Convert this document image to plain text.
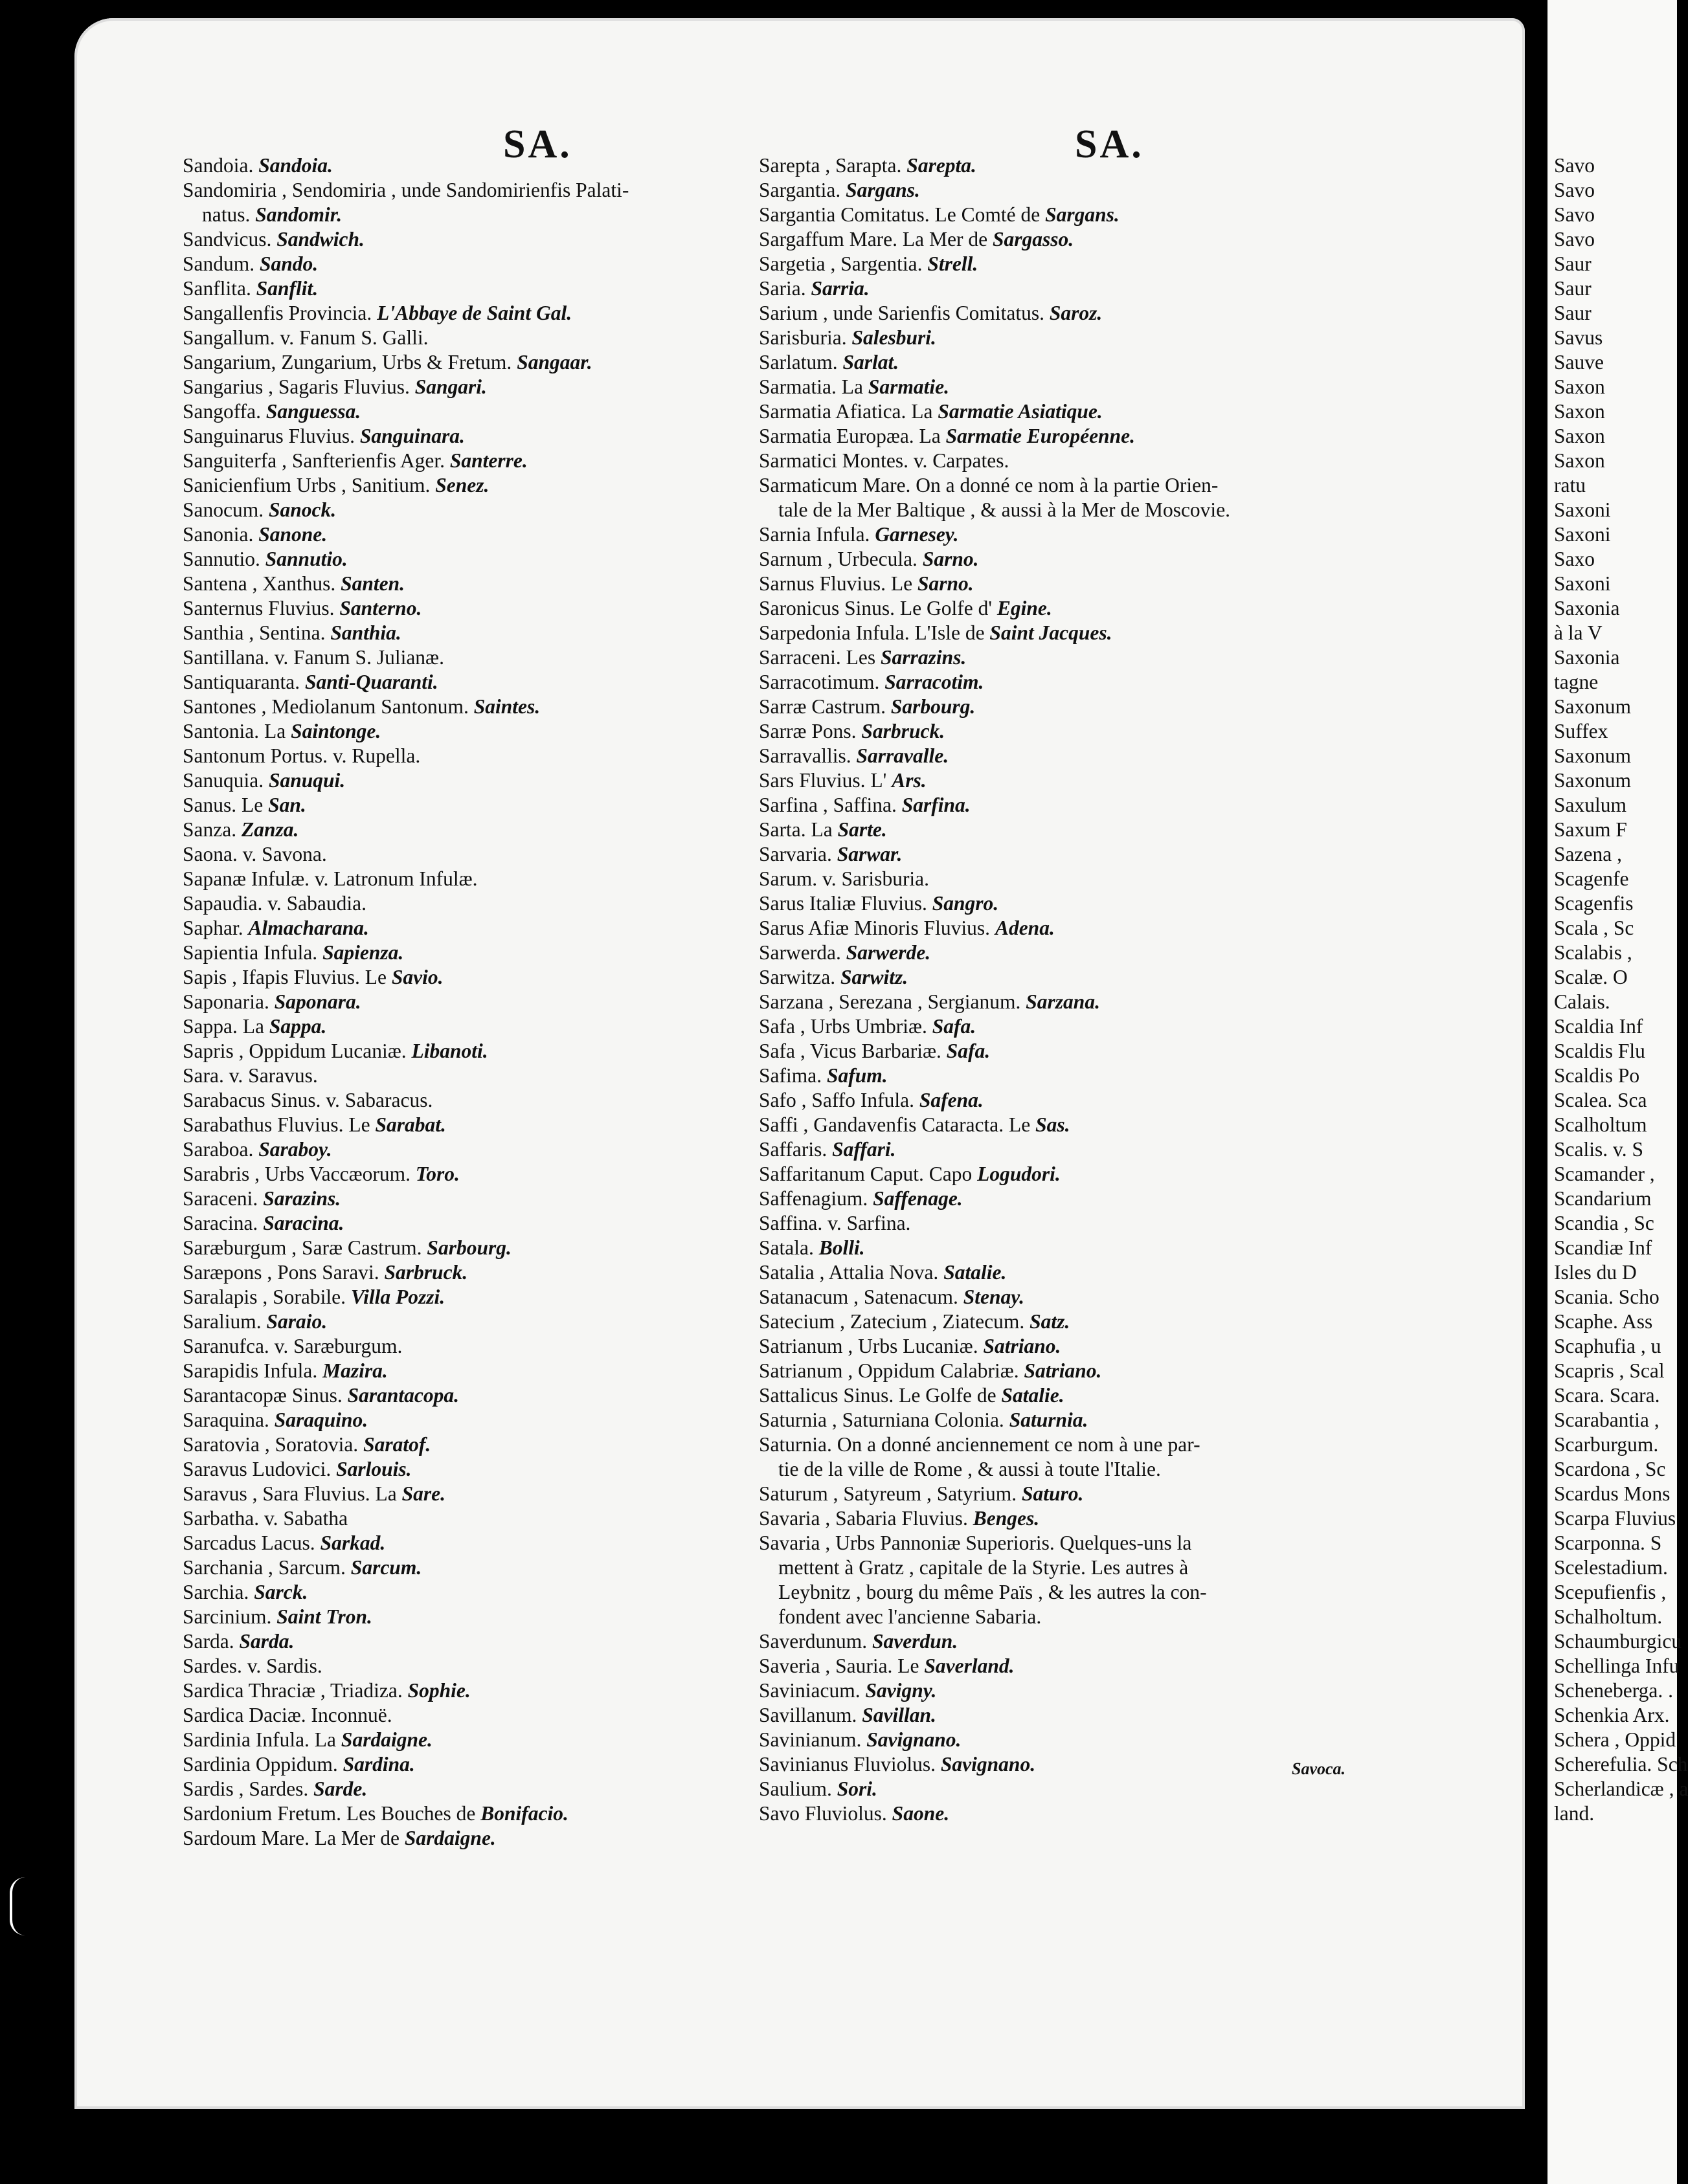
SA.	SA.
Savoca.
Sandoia. Sandoia.
Sandomiria , Sendomiria , unde Sandomirienfis Palati-
natus. Sandomir.
Sandvicus. Sandwich.
Sandum. Sando.
Sanflita. Sanflit.
Sangallenfis Provincia. L'Abbaye de Saint Gal.
Sangallum. v. Fanum S. Galli.
Sangarium, Zungarium, Urbs & Fretum. Sangaar.
Sangarius , Sagaris Fluvius. Sangari.
Sangoffa. Sanguessa.
Sanguinarus Fluvius. Sanguinara.
Sanguiterfa , Sanfterienfis Ager. Santerre.
Sanicienfium Urbs , Sanitium. Senez.
Sanocum. Sanock.
Sanonia. Sanone.
Sannutio. Sannutio.
Santena , Xanthus. Santen.
Santernus Fluvius. Santerno.
Santhia , Sentina. Santhia.
Santillana. v. Fanum S. Julianæ.
Santiquaranta. Santi-Quaranti.
Santones , Mediolanum Santonum. Saintes.
Santonia. La Saintonge.
Santonum Portus. v. Rupella.
Sanuquia. Sanuqui.
Sanus. Le San.
Sanza. Zanza.
Saona. v. Savona.
Sapanæ Infulæ. v. Latronum Infulæ.
Sapaudia. v. Sabaudia.
Saphar. Almacharana.
Sapientia Infula. Sapienza.
Sapis , Ifapis Fluvius. Le Savio.
Saponaria. Saponara.
Sappa. La Sappa.
Sapris , Oppidum Lucaniæ. Libanoti.
Sara. v. Saravus.
Sarabacus Sinus. v. Sabaracus.
Sarabathus Fluvius. Le Sarabat.
Saraboa. Saraboy.
Sarabris , Urbs Vaccæorum. Toro.
Saraceni. Sarazins.
Saracina. Saracina.
Saræburgum , Saræ Castrum. Sarbourg.
Saræpons , Pons Saravi. Sarbruck.
Saralapis , Sorabile. Villa Pozzi.
Saralium. Saraio.
Saranufca. v. Saræburgum.
Sarapidis Infula. Mazira.
Sarantacopæ Sinus. Sarantacopa.
Saraquina. Saraquino.
Saratovia , Soratovia. Saratof.
Saravus Ludovici. Sarlouis.
Saravus , Sara Fluvius. La Sare.
Sarbatha. v. Sabatha
Sarcadus Lacus. Sarkad.
Sarchania , Sarcum. Sarcum.
Sarchia. Sarck.
Sarcinium. Saint Tron.
Sarda. Sarda.
Sardes. v. Sardis.
Sardica Thraciæ , Triadiza. Sophie.
Sardica Daciæ. Inconnuë.
Sardinia Infula. La Sardaigne.
Sardinia Oppidum. Sardina.
Sardis , Sardes. Sarde.
Sardonium Fretum. Les Bouches de Bonifacio.
Sardoum Mare. La Mer de Sardaigne.
Sarepta , Sarapta. Sarepta.
Sargantia. Sargans.
Sargantia Comitatus. Le Comté de Sargans.
Sargaffum Mare. La Mer de Sargasso.
Sargetia , Sargentia. Strell.
Saria. Sarria.
Sarium , unde Sarienfis Comitatus. Saroz.
Sarisburia. Salesburi.
Sarlatum. Sarlat.
Sarmatia. La Sarmatie.
Sarmatia Afiatica. La Sarmatie Asiatique.
Sarmatia Europæa. La Sarmatie Européenne.
Sarmatici Montes. v. Carpates.
Sarmaticum Mare. On a donné ce nom à la partie Orien-
tale de la Mer Baltique , & aussi à la Mer de Moscovie.
Sarnia Infula. Garnesey.
Sarnum , Urbecula. Sarno.
Sarnus Fluvius. Le Sarno.
Saronicus Sinus. Le Golfe d' Egine.
Sarpedonia Infula. L'Isle de Saint Jacques.
Sarraceni. Les Sarrazins.
Sarracotimum. Sarracotim.
Sarræ Castrum. Sarbourg.
Sarræ Pons. Sarbruck.
Sarravallis. Sarravalle.
Sars Fluvius. L' Ars.
Sarfina , Saffina. Sarfina.
Sarta. La Sarte.
Sarvaria. Sarwar.
Sarum. v. Sarisburia.
Sarus Italiæ Fluvius. Sangro.
Sarus Afiæ Minoris Fluvius. Adena.
Sarwerda. Sarwerde.
Sarwitza. Sarwitz.
Sarzana , Serezana , Sergianum. Sarzana.
Safa , Urbs Umbriæ. Safa.
Safa , Vicus Barbariæ. Safa.
Safima. Safum.
Safo , Saffo Infula. Safena.
Saffi , Gandavenfis Cataracta. Le Sas.
Saffaris. Saffari.
Saffaritanum Caput. Capo Logudori.
Saffenagium. Saffenage.
Saffina. v. Sarfina.
Satala. Bolli.
Satalia , Attalia Nova. Satalie.
Satanacum , Satenacum. Stenay.
Satecium , Zatecium , Ziatecum. Satz.
Satrianum , Urbs Lucaniæ. Satriano.
Satrianum , Oppidum Calabriæ. Satriano.
Sattalicus Sinus. Le Golfe de Satalie.
Saturnia , Saturniana Colonia. Saturnia.
Saturnia. On a donné anciennement ce nom à une par-
tie de la ville de Rome , & aussi à toute l'Italie.
Saturum , Satyreum , Satyrium. Saturo.
Savaria , Sabaria Fluvius. Benges.
Savaria , Urbs Pannoniæ Superioris. Quelques-uns la
mettent à Gratz , capitale de la Styrie. Les autres à
Leybnitz , bourg du même Païs , & les autres la con-
fondent avec l'ancienne Sabaria.
Saverdunum. Saverdun.
Saveria , Sauria. Le Saverland.
Saviniacum. Savigny.
Savillanum. Savillan.
Savinianum. Savignano.
Savinianus Fluviolus. Savignano.
Saulium. Sori.
Savo Fluviolus. Saone.
Savo
Savo
Savo
Savo
Saur
Saur
Saur
Savus
Sauve
Saxon
Saxon
Saxon
Saxon
ratu
Saxoni
Saxoni
Saxo
Saxoni
Saxonia
à la V
Saxonia
tagne
Saxonum
Suffex
Saxonum
Saxonum
Saxulum
Saxum F
Sazena ,
Scagenfe
Scagenfis
Scala , Sc
Scalabis ,
Scalæ. O
Calais.
Scaldia Inf
Scaldis Flu
Scaldis Po
Scalea. Sca
Scalholtum
Scalis. v. S
Scamander ,
Scandarium
Scandia , Sc
Scandiæ Inf
Isles du D
Scania. Scho
Scaphe. Ass
Scaphufia , u
Scapris , Scal
Scara. Scara.
Scarabantia ,
Scarburgum.
Scardona , Sc
Scardus Mons
Scarpa Fluvius
Scarponna. S
Scelestadium.
Scepufienfis ,
Schalholtum.
Schaumburgicu
Schellinga Infu
Scheneberga. .
Schenkia Arx.
Schera , Oppid
Scherefulia. Sch
Scherlandicæ , a
land.
